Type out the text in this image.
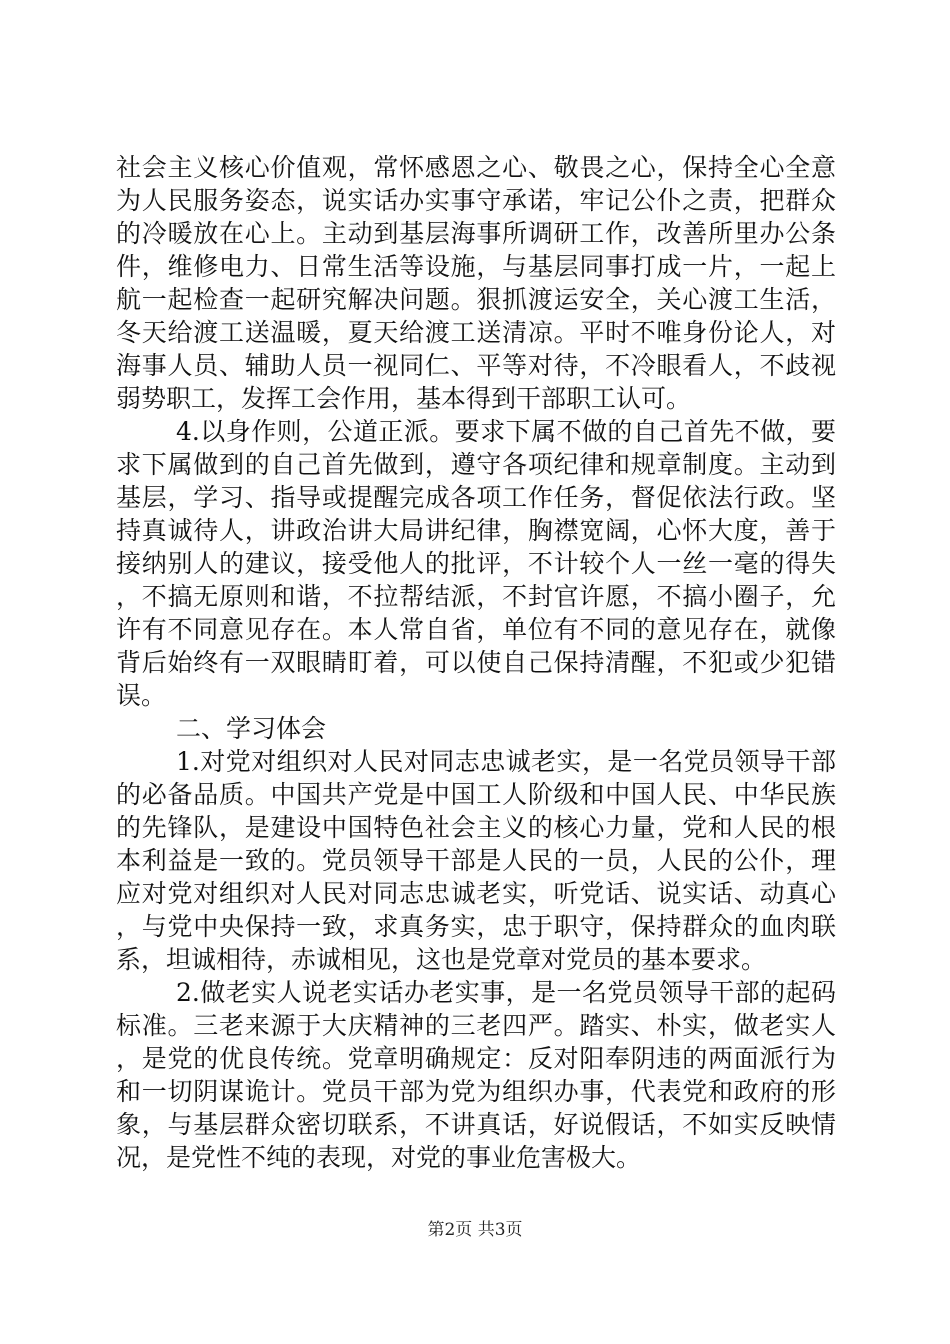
社会主义核心价值观，常怀感恩之心、敬畏之心，保持全心全意为人民服务姿态，说实话办实事守承诺，牢记公仆之责，把群众的冷暖放在心上。主动到基层海事所调研工作，改善所里办公条件，维修电力、日常生活等设施，与基层同事打成一片，一起上航一起检查一起研究解决问题。狠抓渡运安全，关心渡工生活，冬天给渡工送温暖，夏天给渡工送清凉。平时不唯身份论人，对海事人员、辅助人员一视同仁、平等对待，不冷眼看人，不歧视弱势职工，发挥工会作用，基本得到干部职工认可。

4.以身作则，公道正派。要求下属不做的自己首先不做，要求下属做到的自己首先做到，遵守各项纪律和规章制度。主动到基层，学习、指导或提醒完成各项工作任务，督促依法行政。坚持真诚待人，讲政治讲大局讲纪律，胸襟宽阔，心怀大度，善于接纳别人的建议，接受他人的批评，不计较个人一丝一毫的得失，不搞无原则和谐，不拉帮结派，不封官许愿，不搞小圈子，允许有不同意见存在。本人常自省，单位有不同的意见存在，就像背后始终有一双眼睛盯着，可以使自己保持清醒，不犯或少犯错误。

二、学习体会

1.对党对组织对人民对同志忠诚老实，是一名党员领导干部的必备品质。中国共产党是中国工人阶级和中国人民、中华民族的先锋队，是建设中国特色社会主义的核心力量，党和人民的根本利益是一致的。党员领导干部是人民的一员，人民的公仆，理应对党对组织对人民对同志忠诚老实，听党话、说实话、动真心，与党中央保持一致，求真务实，忠于职守，保持群众的血肉联系，坦诚相待，赤诚相见，这也是党章对党员的基本要求。

2.做老实人说老实话办老实事，是一名党员领导干部的起码标准。三老来源于大庆精神的三老四严。踏实、朴实，做老实人，是党的优良传统。党章明确规定：反对阳奉阴违的两面派行为和一切阴谋诡计。党员干部为党为组织办事，代表党和政府的形象，与基层群众密切联系，不讲真话，好说假话，不如实反映情况，是党性不纯的表现，对党的事业危害极大。

第2页 共3页
